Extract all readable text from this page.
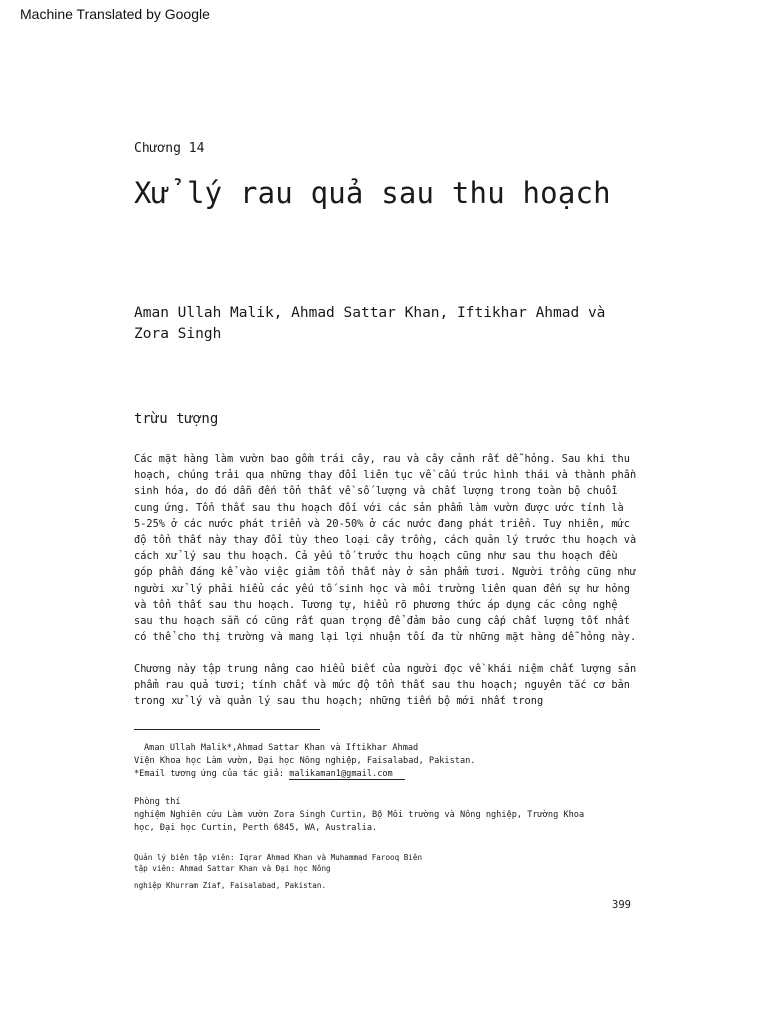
Machine Translated by Google
Chương 14
Xử lý rau quả sau thu hoạch
Aman Ullah Malik, Ahmad Sattar Khan, Iftikhar Ahmad và
Zora Singh
trừu tượng
Các mặt hàng làm vườn bao gồm trái cây, rau và cây cảnh rất dễ hỏng. Sau khi thu
hoạch, chúng trải qua những thay đổi liên tục về cấu trúc hình thái và thành phần
sinh hóa, do đó dẫn đến tổn thất về số lượng và chất lượng trong toàn bộ chuỗi
cung ứng. Tổn thất sau thu hoạch đối với các sản phẩm làm vườn được ước tính là
5-25% ở các nước phát triển và 20-50% ở các nước đang phát triển. Tuy nhiên, mức
độ tổn thất này thay đổi tùy theo loại cây trồng, cách quản lý trước thu hoạch và
cách xử lý sau thu hoạch. Cả yếu tố trước thu hoạch cũng như sau thu hoạch đều
góp phần đáng kể vào việc giảm tổn thất này ở sản phẩm tươi. Người trồng cũng như
người xử lý phải hiểu các yếu tố sinh học và môi trường liên quan đến sự hư hỏng
và tổn thất sau thu hoạch. Tương tự, hiểu rõ phương thức áp dụng các công nghệ
sau thu hoạch sẵn có cũng rất quan trọng để đảm bảo cung cấp chất lượng tốt nhất
có thể cho thị trường và mang lại lợi nhuận tối đa từ những mặt hàng dễ hỏng này.
Chương này tập trung nâng cao hiểu biết của người đọc về khái niệm chất lượng sản
phẩm rau quả tươi; tính chất và mức độ tổn thất sau thu hoạch; nguyên tắc cơ bản
trong xử lý và quản lý sau thu hoạch; những tiến bộ mới nhất trong
Aman Ullah Malik*,Ahmad Sattar Khan và Iftikhar Ahmad
Viện Khoa học Làm vườn, Đại học Nông nghiệp, Faisalabad, Pakistan.
*Email tương ứng của tác giả: malikaman1@gmail.com
Phòng thí
nghiệm Nghiên cứu Làm vườn Zora Singh Curtin, Bộ Môi trường và Nông nghiệp, Trường Khoa
học, Đại học Curtin, Perth 6845, WA, Australia.
Quản lý biên tập viên: Iqrar Ahmad Khan và Muhammad Farooq Biên
tập viên: Ahmad Sattar Khan và Đại học Nông
nghiệp Khurram Ziaf, Faisalabad, Pakistan.
399
